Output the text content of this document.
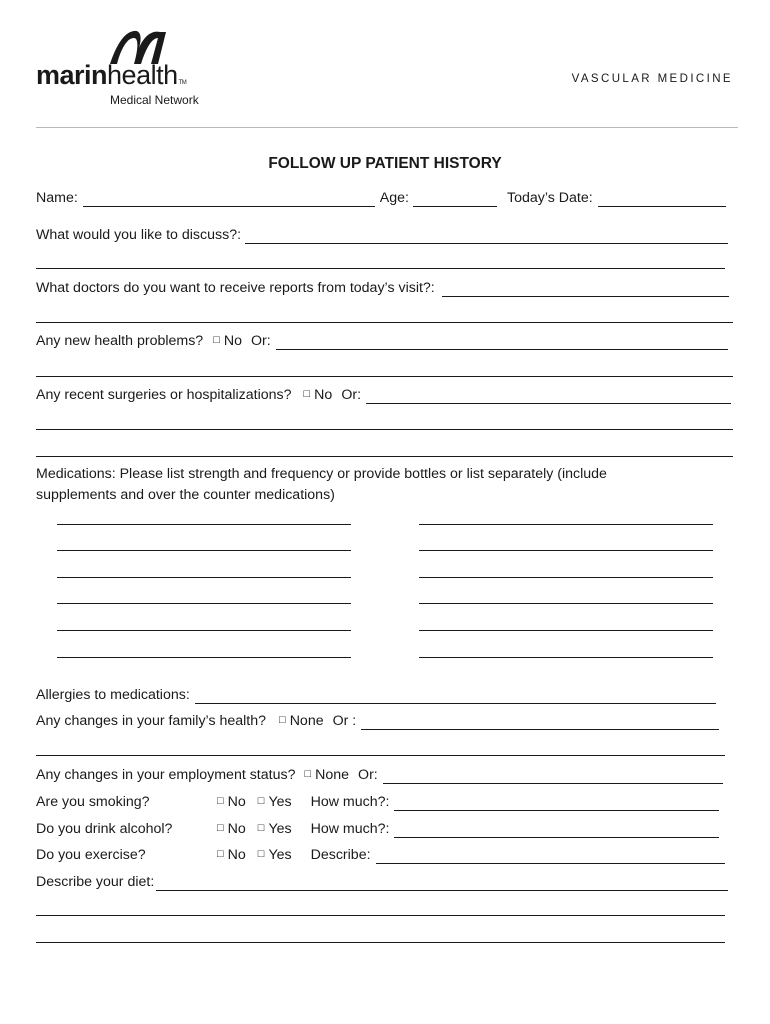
marinhealthTM
Medical Network
VASCULAR MEDICINE
FOLLOW UP PATIENT HISTORY
Name:	Age:	Today’s Date:
What would you like to discuss?:
What doctors do you want to receive reports from today’s visit?:
Any new health problems? □ No Or:
Any recent surgeries or hospitalizations? □ No Or:
Medications: Please list strength and frequency or provide bottles or list separately (include supplements and over the counter medications)
Allergies to medications:
Any changes in your family’s health? □ None Or :
Any changes in your employment status? □ None Or:
Are you smoking?	□ No □ Yes How much?:
Do you drink alcohol?	□ No □ Yes How much?:
Do you exercise?	□ No □ Yes Describe:
Describe your diet:
